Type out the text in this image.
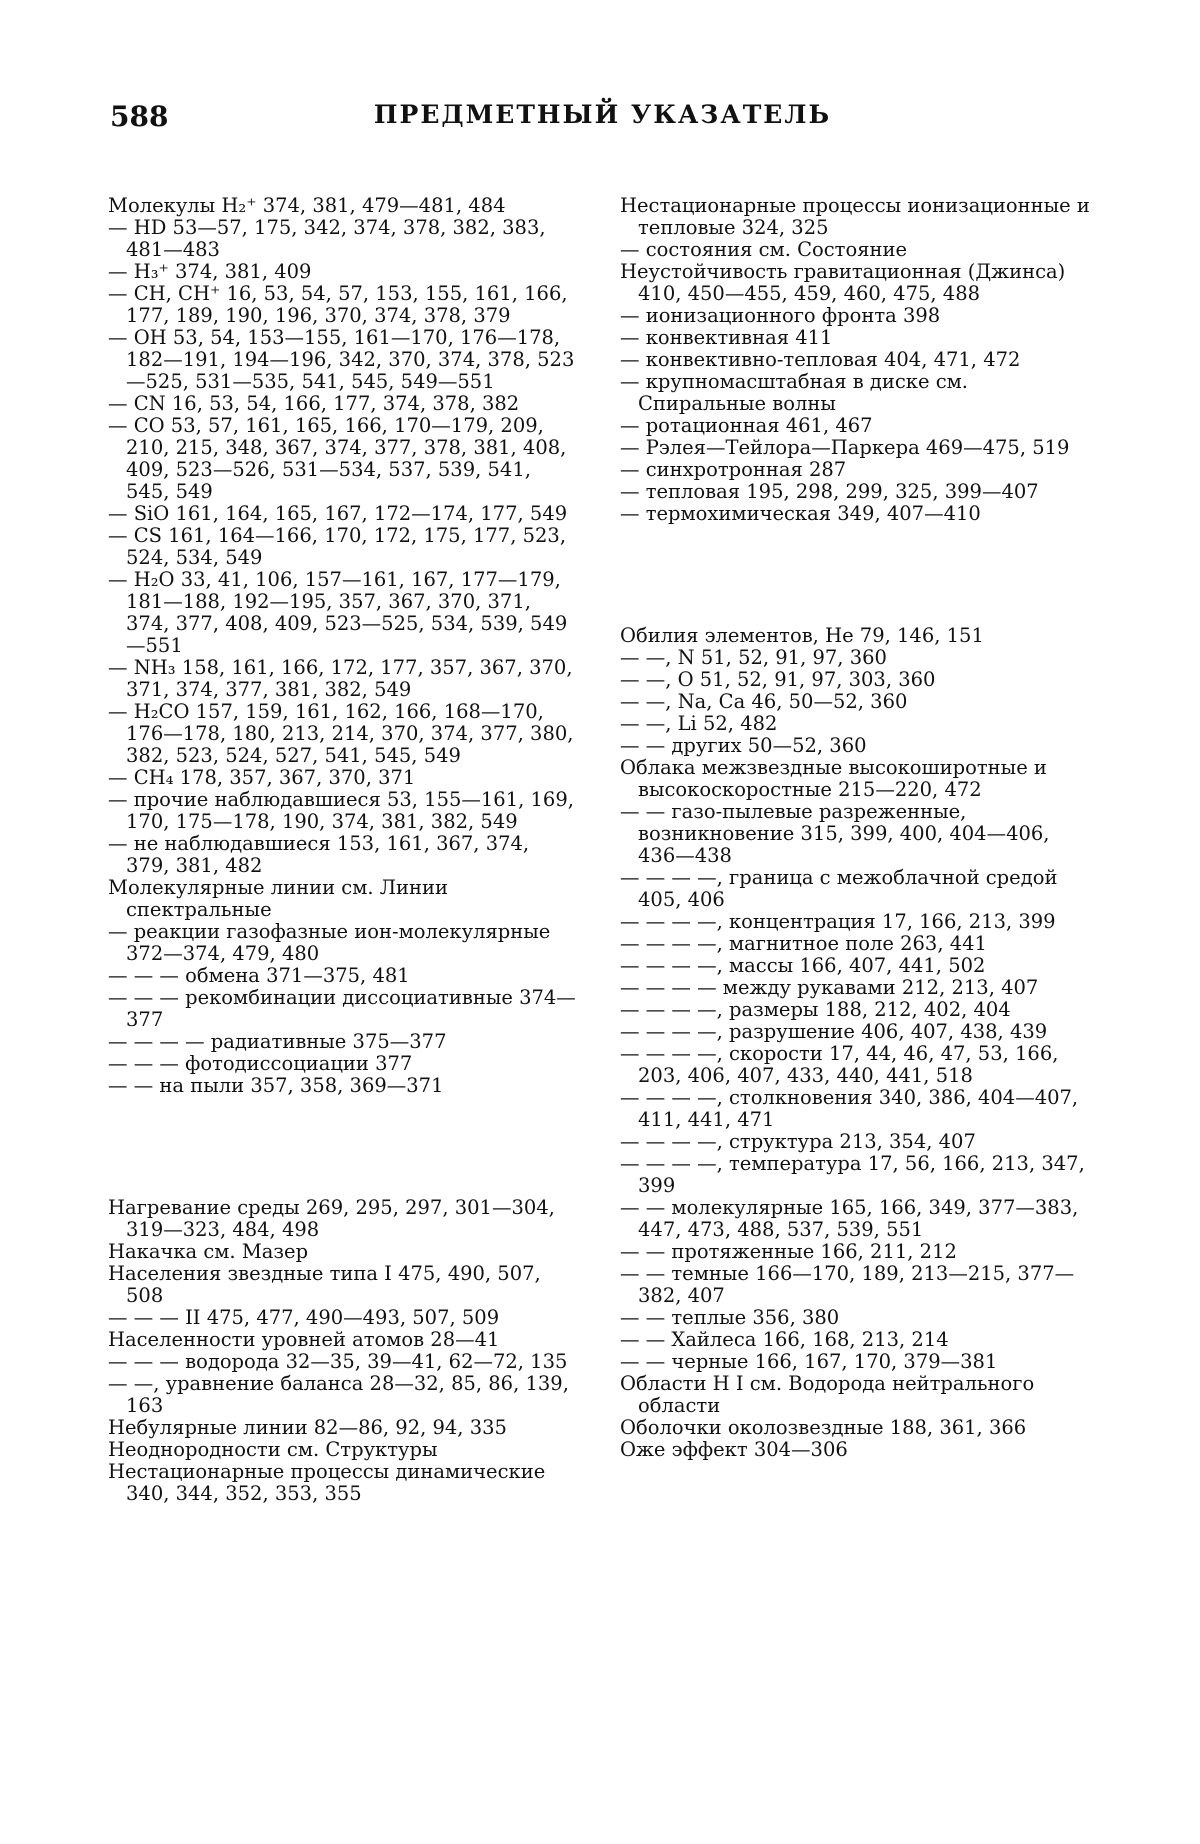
588	ПРЕДМЕТНЫЙ УКАЗАТЕЛЬ

Молекулы H₂⁺ 374, 381, 479—481, 484

— HD 53—57, 175, 342, 374, 378, 382, 383, 481—483

— H₃⁺ 374, 381, 409

— CH, CH⁺ 16, 53, 54, 57, 153, 155, 161, 166, 177, 189, 190, 196, 370, 374, 378, 379

— OH 53, 54, 153—155, 161—170, 176—178, 182—191, 194—196, 342, 370, 374, 378, 523—525, 531—535, 541, 545, 549—551

— CN 16, 53, 54, 166, 177, 374, 378, 382

— CO 53, 57, 161, 165, 166, 170—179, 209, 210, 215, 348, 367, 374, 377, 378, 381, 408, 409, 523—526, 531—534, 537, 539, 541, 545, 549

— SiO 161, 164, 165, 167, 172—174, 177, 549

— CS 161, 164—166, 170, 172, 175, 177, 523, 524, 534, 549

— H₂O 33, 41, 106, 157—161, 167, 177—179, 181—188, 192—195, 357, 367, 370, 371, 374, 377, 408, 409, 523—525, 534, 539, 549—551

— NH₃ 158, 161, 166, 172, 177, 357, 367, 370, 371, 374, 377, 381, 382, 549

— H₂CO 157, 159, 161, 162, 166, 168—170, 176—178, 180, 213, 214, 370, 374, 377, 380, 382, 523, 524, 527, 541, 545, 549

— CH₄ 178, 357, 367, 370, 371

— прочие наблюдавшиеся 53, 155—161, 169, 170, 175—178, 190, 374, 381, 382, 549

— не наблюдавшиеся 153, 161, 367, 374, 379, 381, 482

Молекулярные линии см. Линии спектральные

— реакции газофазные ион-молекулярные 372—374, 479, 480

— — — обмена 371—375, 481

— — — рекомбинации диссоциативные 374—377

— — — — радиативные 375—377

— — — фотодиссоциации 377

— — на пыли 357, 358, 369—371

Нагревание среды 269, 295, 297, 301—304, 319—323, 484, 498

Накачка см. Мазер

Населения звездные типа I 475, 490, 507, 508

— — — II 475, 477, 490—493, 507, 509

Населенности уровней атомов 28—41

— — — водорода 32—35, 39—41, 62—72, 135

— —, уравнение баланса 28—32, 85, 86, 139, 163

Небулярные линии 82—86, 92, 94, 335

Неоднородности см. Структуры

Нестационарные процессы динамические 340, 344, 352, 353, 355

Нестационарные процессы ионизационные и тепловые 324, 325

— состояния см. Состояние

Неустойчивость гравитационная (Джинса) 410, 450—455, 459, 460, 475, 488

— ионизационного фронта 398

— конвективная 411

— конвективно-тепловая 404, 471, 472

— крупномасштабная в диске см. Спиральные волны

— ротационная 461, 467

— Рэлея—Тейлора—Паркера 469—475, 519

— синхротронная 287

— тепловая 195, 298, 299, 325, 399—407

— термохимическая 349, 407—410

Обилия элементов, He 79, 146, 151

— —, N 51, 52, 91, 97, 360

— —, O 51, 52, 91, 97, 303, 360

— —, Na, Ca 46, 50—52, 360

— —, Li 52, 482

— — других 50—52, 360

Облака межзвездные высокоширотные и высокоскоростные 215—220, 472

— — газо-пылевые разреженные, возникновение 315, 399, 400, 404—406, 436—438

— — — —, граница с межоблачной средой 405, 406

— — — —, концентрация 17, 166, 213, 399

— — — —, магнитное поле 263, 441

— — — —, массы 166, 407, 441, 502

— — — — между рукавами 212, 213, 407

— — — —, размеры 188, 212, 402, 404

— — — —, разрушение 406, 407, 438, 439

— — — —, скорости 17, 44, 46, 47, 53, 166, 203, 406, 407, 433, 440, 441, 518

— — — —, столкновения 340, 386, 404—407, 411, 441, 471

— — — —, структура 213, 354, 407

— — — —, температура 17, 56, 166, 213, 347, 399

— — молекулярные 165, 166, 349, 377—383, 447, 473, 488, 537, 539, 551

— — протяженные 166, 211, 212

— — темные 166—170, 189, 213—215, 377—382, 407

— — теплые 356, 380

— — Хайлеса 166, 168, 213, 214

— — черные 166, 167, 170, 379—381

Области H I см. Водорода нейтрального области

Оболочки околозвездные 188, 361, 366

Оже эффект 304—306
